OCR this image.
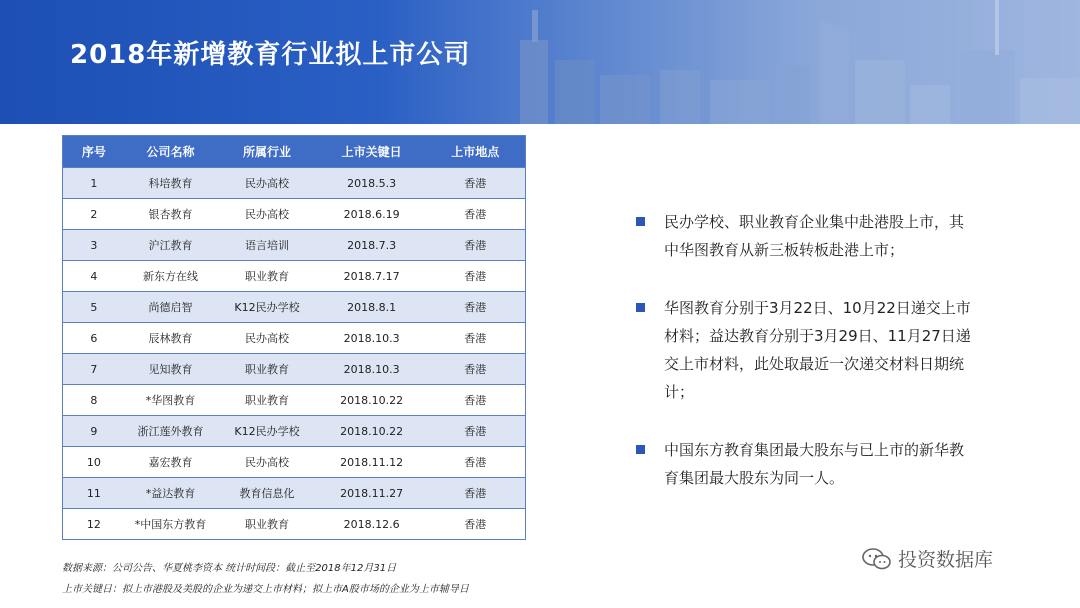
2018年新增教育行业拟上市公司
序号	公司名称	所属行业	上市关键日	上市地点
1	科培教育	民办高校	2018.5.3	香港
2	银杏教育	民办高校	2018.6.19	香港
3	沪江教育	语言培训	2018.7.3	香港
4	新东方在线	职业教育	2018.7.17	香港
5	尚德启智	K12民办学校	2018.8.1	香港
6	辰林教育	民办高校	2018.10.3	香港
7	见知教育	职业教育	2018.10.3	香港
8	*华图教育	职业教育	2018.10.22	香港
9	浙江莲外教育	K12民办学校	2018.10.22	香港
10	嘉宏教育	民办高校	2018.11.12	香港
11	*益达教育	教育信息化	2018.11.27	香港
12	*中国东方教育	职业教育	2018.12.6	香港
数据来源：公司公告、华夏桃李资本 统计时间段：截止至2018年12月31日
上市关键日：拟上市港股及美股的企业为递交上市材料；拟上市A股市场的企业为上市辅导日
民办学校、职业教育企业集中赴港股上市，其中华图教育从新三板转板赴港上市；
华图教育分别于3月22日、10月22日递交上市材料；益达教育分别于3月29日、11月27日递交上市材料，此处取最近一次递交材料日期统计；
中国东方教育集团最大股东与已上市的新华教育集团最大股东为同一人。
投资数据库
